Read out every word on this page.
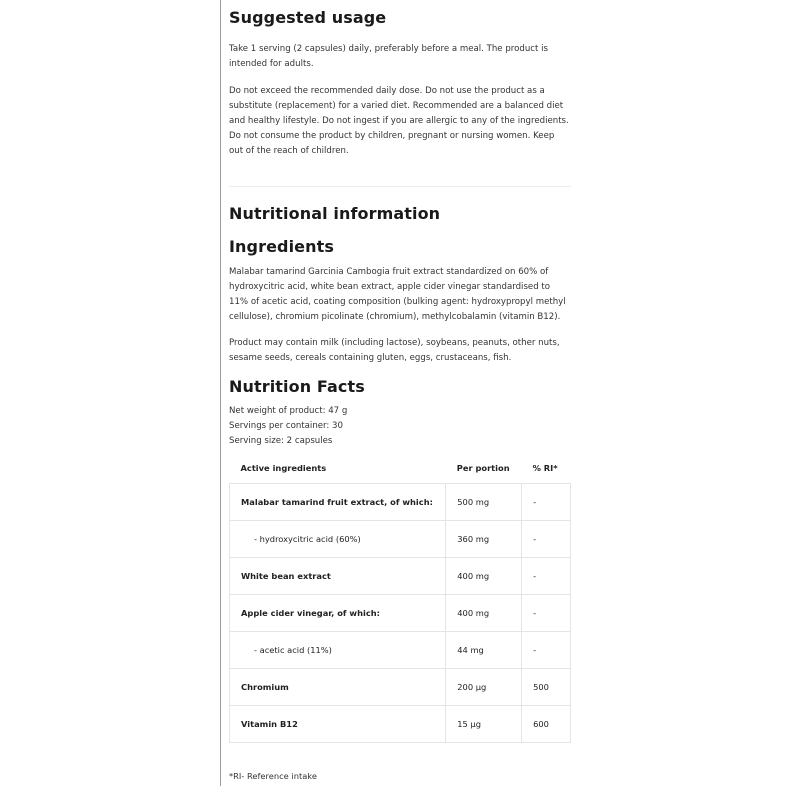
Suggested usage

Take 1 serving (2 capsules) daily, preferably before a meal. The product is intended for adults.

Do not exceed the recommended daily dose. Do not use the product as a substitute (replacement) for a varied diet. Recommended are a balanced diet and healthy lifestyle. Do not ingest if you are allergic to any of the ingredients. Do not consume the product by children, pregnant or nursing women. Keep out of the reach of children.

Nutritional information
Ingredients

Malabar tamarind Garcinia Cambogia fruit extract standardized on 60% of hydroxycitric acid, white bean extract, apple cider vinegar standardised to 11% of acetic acid, coating composition (bulking agent: hydroxypropyl methyl cellulose), chromium picolinate (chromium), methylcobalamin (vitamin B12).

Product may contain milk (including lactose), soybeans, peanuts, other nuts, sesame seeds, cereals containing gluten, eggs, crustaceans, fish.

Nutrition Facts
Net weight of product: 47 g
Servings per container: 30
Serving size: 2 capsules
Active ingredients	Per portion	% RI*
Malabar tamarind fruit extract, of which:	500 mg	-
- hydroxycitric acid (60%)	360 mg	-
White bean extract	400 mg	-
Apple cider vinegar, of which:	400 mg	-
- acetic acid (11%)	44 mg	-
Chromium	200 µg	500
Vitamin B12	15 µg	600
*RI- Reference intake
